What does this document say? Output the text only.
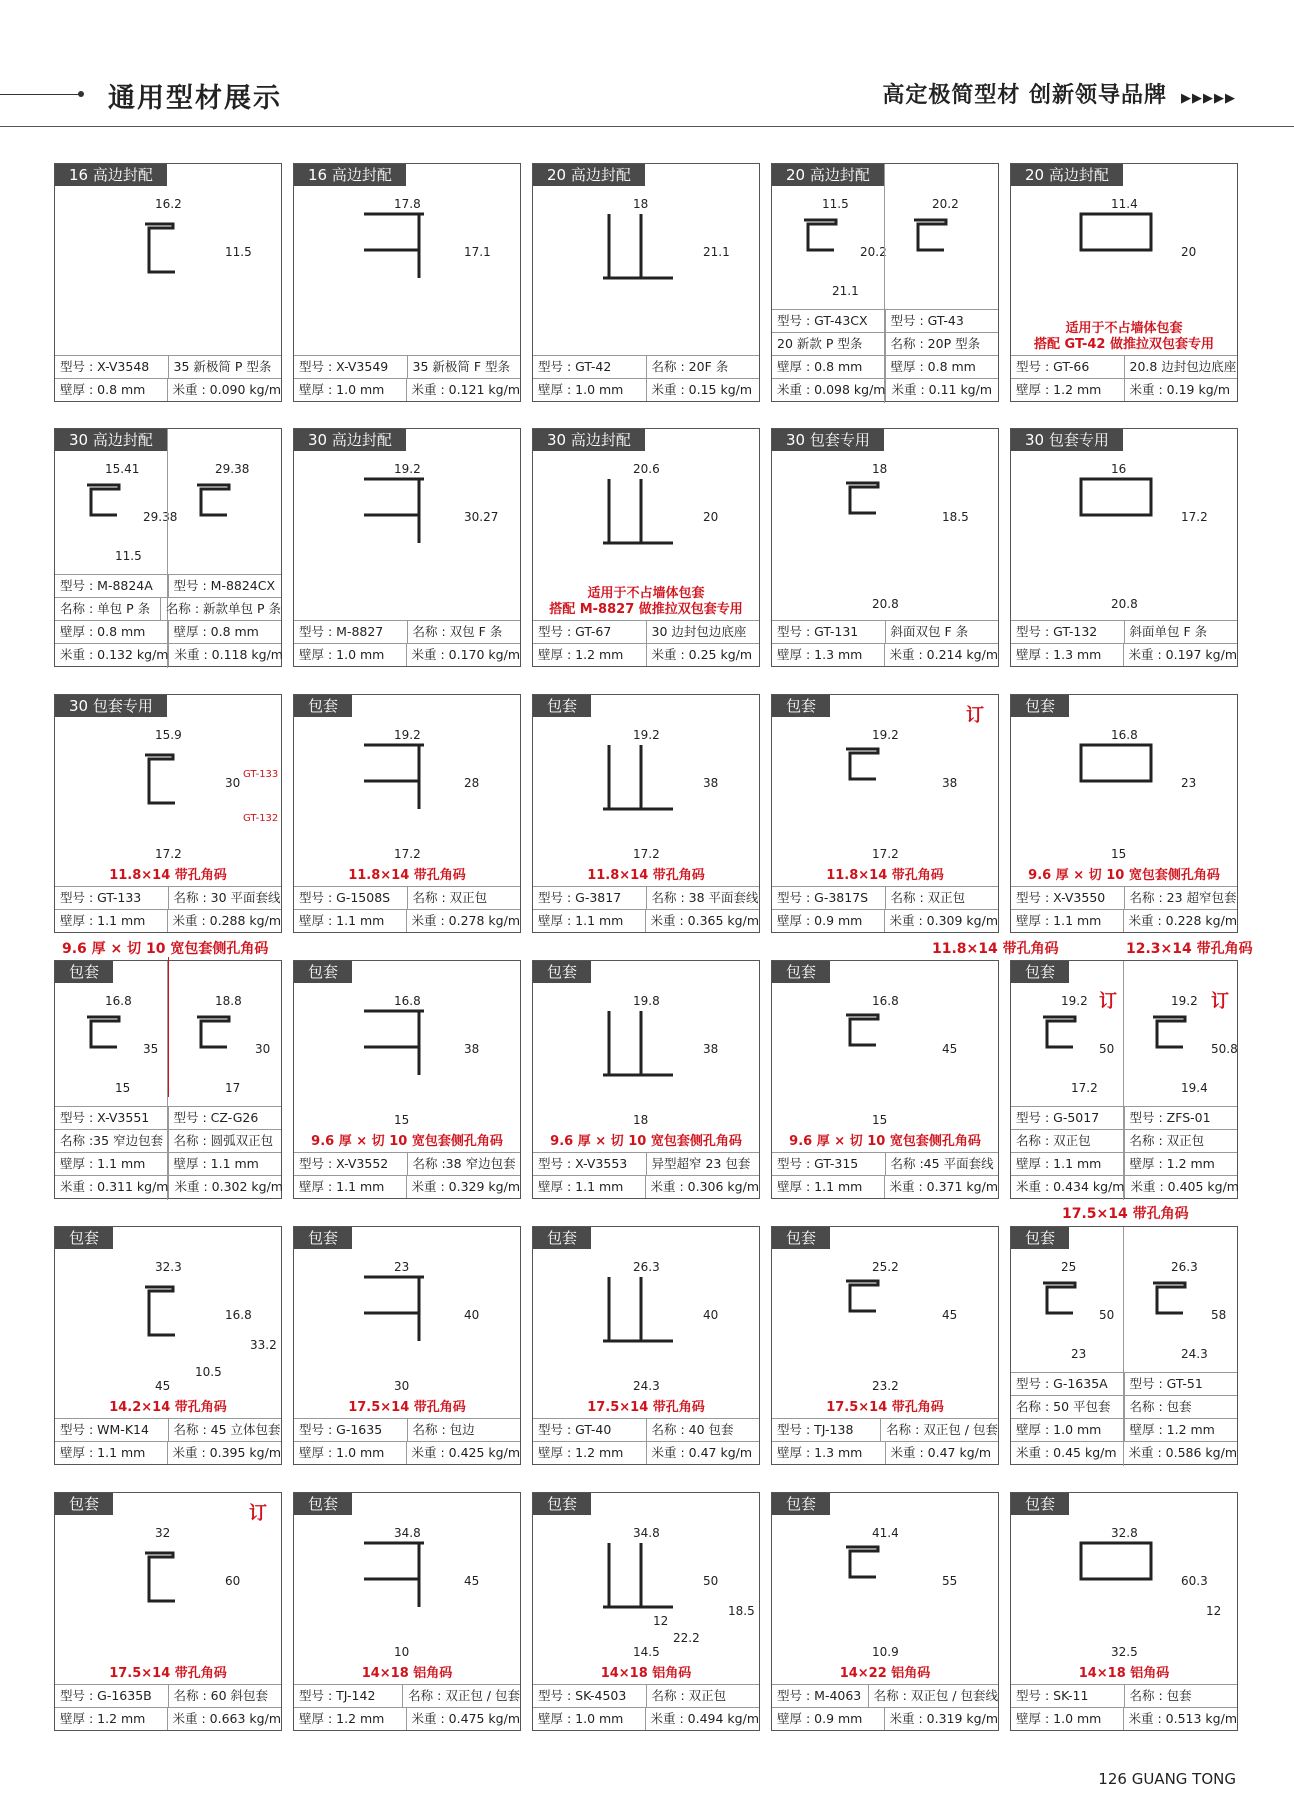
通用型材展示	高定极简型材 创新领导品牌 ▶▶▶▶▶
16 高边封配
16.2
11.5
型号 : X-V3548	35 新极简 P 型条
壁厚 : 0.8 mm	米重 : 0.090 kg/m
16 高边封配
17.8
17.1
型号 : X-V3549	35 新极简 F 型条
壁厚 : 1.0 mm	米重 : 0.121 kg/m
20 高边封配
18
21.1
型号 : GT-42	名称 : 20F 条
壁厚 : 1.0 mm	米重 : 0.15 kg/m
20 高边封配
11.5
20.2
21.1
20.2
型号 : GT-43CX	型号 : GT-43
20 新款 P 型条	名称 : 20P 型条
壁厚 : 0.8 mm	壁厚 : 0.8 mm
米重 : 0.098 kg/m 米重 : 0.11 kg/m
20 高边封配
11.4
20
适用于不占墙体包套
搭配 GT-42 做推拉双包套专用
型号 : GT-66	20.8 边封包边底座
壁厚 : 1.2 mm	米重 : 0.19 kg/m
30 高边封配
15.41
29.38
11.5
29.38
型号 : M-8824A	型号 : M-8824CX
名称 : 单包 P 条	名称 : 新款单包 P 条
壁厚 : 0.8 mm	壁厚 : 0.8 mm
米重 : 0.132 kg/m 米重 : 0.118 kg/m
30 高边封配
19.2
30.27
型号 : M-8827	名称 : 双包 F 条
壁厚 : 1.0 mm	米重 : 0.170 kg/m
30 高边封配
20.6
20
适用于不占墙体包套
搭配 M-8827 做推拉双包套专用
型号 : GT-67	30 边封包边底座
壁厚 : 1.2 mm	米重 : 0.25 kg/m
30 包套专用
18
18.5
20.8
型号 : GT-131	斜面双包 F 条
壁厚 : 1.3 mm	米重 : 0.214 kg/m
30 包套专用
16
17.2
20.8
型号 : GT-132	斜面单包 F 条
壁厚 : 1.3 mm	米重 : 0.197 kg/m
30 包套专用
15.9
30
17.2
GT-133
GT-132
11.8×14 带孔角码
型号 : GT-133	名称 : 30 平面套线
壁厚 : 1.1 mm	米重 : 0.288 kg/m
包套
19.2
28
17.2
11.8×14 带孔角码
型号 : G-1508S	名称 : 双正包
壁厚 : 1.1 mm	米重 : 0.278 kg/m
包套
19.2
38
17.2
11.8×14 带孔角码
型号 : G-3817	名称 : 38 平面套线
壁厚 : 1.1 mm	米重 : 0.365 kg/m
包套
19.2
38
17.2
11.8×14 带孔角码
订
型号 : G-3817S	名称 : 双正包
壁厚 : 0.9 mm	米重 : 0.309 kg/m
包套
16.8
23
15
9.6 厚 × 切 10 宽包套侧孔角码
型号 : X-V3550	名称 : 23 超窄包套
壁厚 : 1.1 mm	米重 : 0.228 kg/m
包套
16.8
35
15
18.8
30
17
型号 : X-V3551	型号 : CZ-G26
名称 :35 窄边包套 名称 : 圆弧双正包
壁厚 : 1.1 mm	壁厚 : 1.1 mm
米重 : 0.311 kg/m 米重 : 0.302 kg/m
包套
16.8
38
15
9.6 厚 × 切 10 宽包套侧孔角码
型号 : X-V3552	名称 :38 窄边包套
壁厚 : 1.1 mm	米重 : 0.329 kg/m
包套
19.8
38
18
9.6 厚 × 切 10 宽包套侧孔角码
型号 : X-V3553	异型超窄 23 包套
壁厚 : 1.1 mm	米重 : 0.306 kg/m
包套
16.8
45
15
9.6 厚 × 切 10 宽包套侧孔角码
型号 : GT-315	名称 :45 平面套线
壁厚 : 1.1 mm	米重 : 0.371 kg/m
包套
19.2
50
17.2
19.2
50.8
19.4
订	订
型号 : G-5017	型号 : ZFS-01
名称 : 双正包	名称 : 双正包
壁厚 : 1.1 mm	壁厚 : 1.2 mm
米重 : 0.434 kg/m 米重 : 0.405 kg/m
包套
32.3
16.8
45
33.2
10.5
14.2×14 带孔角码
型号 : WM-K14	名称 : 45 立体包套
壁厚 : 1.1 mm	米重 : 0.395 kg/m
包套
23
40
30
17.5×14 带孔角码
型号 : G-1635	名称 : 包边
壁厚 : 1.0 mm	米重 : 0.425 kg/m
包套
26.3
40
24.3
17.5×14 带孔角码
型号 : GT-40	名称 : 40 包套
壁厚 : 1.2 mm	米重 : 0.47 kg/m
包套
25.2
45
23.2
17.5×14 带孔角码
型号 : TJ-138	名称 : 双正包 / 包套
壁厚 : 1.3 mm	米重 : 0.47 kg/m
包套
25
50
23
26.3
58
24.3
型号 : G-1635A	型号 : GT-51
名称 : 50 平包套	名称 : 包套
壁厚 : 1.0 mm	壁厚 : 1.2 mm
米重 : 0.45 kg/m 米重 : 0.586 kg/m
包套
32
60
17.5×14 带孔角码
订
型号 : G-1635B	名称 : 60 斜包套
壁厚 : 1.2 mm	米重 : 0.663 kg/m
包套
34.8
45
10
14×18 铝角码
型号 : TJ-142	名称 : 双正包 / 包套
壁厚 : 1.2 mm	米重 : 0.475 kg/m
包套
34.8
50
14.5
18.5
22.2
12
14×18 铝角码
型号 : SK-4503	名称 : 双正包
壁厚 : 1.0 mm	米重 : 0.494 kg/m
包套
41.4
55
10.9
14×22 铝角码
型号 : M-4063 名称 : 双正包 / 包套线
壁厚 : 0.9 mm	米重 : 0.319 kg/m
包套
32.8
60.3
32.5
12
14×18 铝角码
型号 : SK-11	名称 : 包套
壁厚 : 1.0 mm	米重 : 0.513 kg/m
9.6 厚 × 切 10 宽包套侧孔角码	11.8×14 带孔角码	12.3×14 带孔角码
17.5×14 带孔角码
126 GUANG TONG
